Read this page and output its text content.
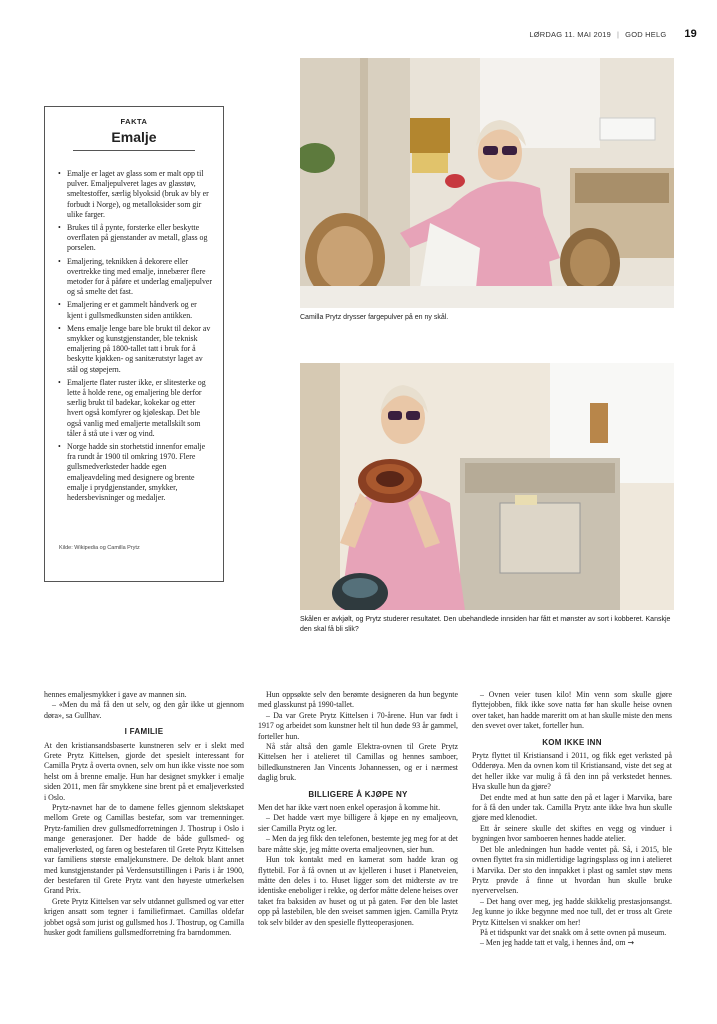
LØRDAG 11. MAI 2019 | GOD HELG 19
FAKTA
Emalje
• Emalje er laget av glass som er malt opp til pulver. Emaljepulveret lages av glasstøv, smeltestoffer, særlig blyoksid (bruk av bly er forbudt i Norge), og metalloksider som gir ulike farger.
• Brukes til å pynte, forsterke eller beskytte overflaten på gjenstander av metall, glass og porselen.
• Emaljering, teknikken å dekorere eller overtrekke ting med emalje, innebærer flere metoder for å påføre et underlag emaljepulver og så smelte det fast.
• Emaljering er et gammelt håndverk og er kjent i gullsmedkunsten siden antikken.
• Mens emalje lenge bare ble brukt til dekor av smykker og kunstgjenstander, ble teknisk emaljering på 1800-tallet tatt i bruk for å beskytte kjøkken- og sanitærutstyr laget av stål og støpejern.
• Emaljerte flater ruster ikke, er slitesterke og lette å holde rene, og emaljering ble derfor særlig brukt til badekar, kokekar og etter hvert også komfyrer og kjøleskap. Det ble også vanlig med emaljerte metallskilt som tåler å stå ute i vær og vind.
• Norge hadde sin storhetstid innenfor emalje fra rundt år 1900 til omkring 1970. Flere gullsmedverksteder hadde egen emaljeavdeling med designere og brente emalje i prydgjenstander, smykker, hedersbevisninger og medaljer.
Kilde: Wikipedia og Camilla Prytz
Camilla Prytz drysser fargepulver på en ny skål.
Skålen er avkjølt, og Prytz studerer resultatet. Den ubehandlede innsiden har fått et mønster av sort i kobberet. Kanskje den skal få bli slik?

hennes emaljesmykker i gave av mannen sin.

– «Men du må få den ut selv, og den går ikke ut gjennom døra», sa Gullhav.

I FAMILIE

At den kristiansandsbaserte kunstneren selv er i slekt med Grete Prytz Kittelsen, gjorde det spesielt interessant for Camilla Prytz å overta ovnen, selv om hun ikke visste noe som helst om å brenne emalje. Hun har designet smykker i emalje siden 2011, men får smykkene sine brent på et emaljeverksted i Oslo.

Prytz-navnet har de to damene felles gjennom slektskapet mellom Grete og Camillas bestefar, som var tremenninger. Prytz-familien drev gullsmedforretningen J. Thostrup i Oslo i mange generasjoner. Der hadde de både gullsmed- og emaljeverksted, og faren og bestefaren til Grete Prytz Kittelsen var familiens største emaljekunstnere. De deltok blant annet med kunstgjenstander på Verdensutstillingen i Paris i år 1900, der bestefaren til Grete Prytz vant den høyeste utmerkelsen Grand Prix.

Grete Prytz Kittelsen var selv utdannet gullsmed og var etter krigen ansatt som tegner i familiefirmaet. Camillas oldefar jobbet også som jurist og gullsmed hos J. Thostrup, og Camilla husker godt familiens gullsmedforretning fra barndommen.

Hun oppsøkte selv den berømte designeren da hun begynte med glasskunst på 1990-tallet.

– Da var Grete Prytz Kittelsen i 70-årene. Hun var født i 1917 og arbeidet som kunstner helt til hun døde 93 år gammel, forteller hun.

Nå står altså den gamle Elektra-ovnen til Grete Prytz Kittelsen her i atelieret til Camillas og hennes samboer, billedkunstneren Jan Vincents Johannessen, og er i nærmest daglig bruk.

BILLIGERE Å KJØPE NY

Men det har ikke vært noen enkel operasjon å komme hit.

– Det hadde vært mye billigere å kjøpe en ny emaljeovn, sier Camilla Prytz og ler.

– Men da jeg fikk den telefonen, bestemte jeg meg for at det bare måtte skje, jeg måtte overta emaljeovnen, sier hun.

Hun tok kontakt med en kamerat som hadde kran og flyttebil. For å få ovnen ut av kjelleren i huset i Planetveien, måtte den deles i to. Huset ligger som det midterste av tre identiske eneboliger i rekke, og derfor måtte delene heises over taket fra baksiden av huset og ut på gaten. Før den ble lastet opp på lastebilen, ble den sveiset sammen igjen. Camilla Prytz tok selv bilder av den spesielle flytteoperasjonen.

– Ovnen veier tusen kilo! Min venn som skulle gjøre flyttejobben, fikk ikke sove natta før han skulle heise ovnen over taket, han hadde mareritt om at han skulle miste den mens den svevet over taket, forteller hun.

KOM IKKE INN

Prytz flyttet til Kristiansand i 2011, og fikk eget verksted på Odderøya. Men da ovnen kom til Kristiansand, viste det seg at det heller ikke var mulig å få den inn på verkstedet hennes. Hva skulle hun da gjøre?

Det endte med at hun satte den på et lager i Marvika, bare for å få den under tak. Camilla Prytz ante ikke hva hun skulle gjøre med klenodiet.

Ett år seinere skulle det skiftes en vegg og vinduer i bygningen hvor samboeren hennes hadde atelier.

Det ble anledningen hun hadde ventet på. Så, i 2015, ble ovnen flyttet fra sin midlertidige lagringsplass og inn i atelieret i Marvika. Der sto den innpakket i plast og samlet støv mens Prytz prøvde å finne ut hvordan hun skulle bruke nyervervelsen.

– Det hang over meg, jeg hadde skikkelig prestasjonsangst. Jeg kunne jo ikke begynne med noe tull, det er tross alt Grete Prytz Kittelsen vi snakker om her!

På et tidspunkt var det snakk om å sette ovnen på museum.

– Men jeg hadde tatt et valg, i hennes ånd, om →
